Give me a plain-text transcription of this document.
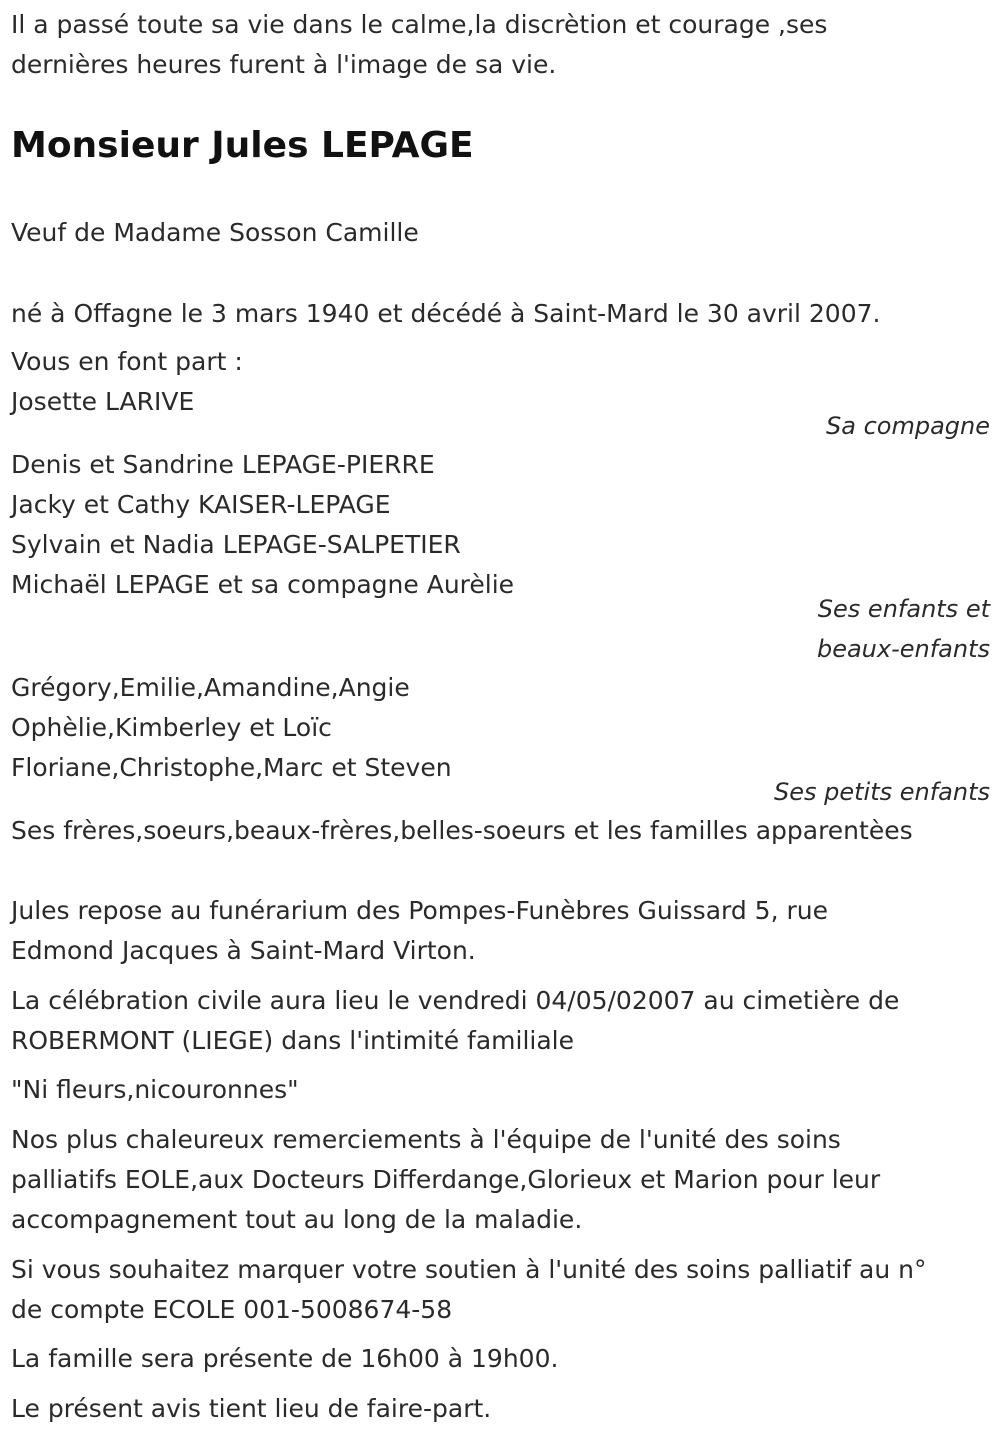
Il a passé toute sa vie dans le calme,la discrètion et courage ,ses
dernières heures furent à l'image de sa vie.
Monsieur Jules LEPAGE
Veuf de Madame Sosson Camille
né à Offagne le 3 mars 1940 et décédé à Saint-Mard le 30 avril 2007.
Vous en font part :
Josette LARIVE
Sa compagne
Denis et Sandrine LEPAGE-PIERRE
Jacky et Cathy KAISER-LEPAGE
Sylvain et Nadia LEPAGE-SALPETIER
Michaël LEPAGE et sa compagne Aurèlie
Ses enfants et
beaux-enfants
Grégory,Emilie,Amandine,Angie
Ophèlie,Kimberley et Loïc
Floriane,Christophe,Marc et Steven
Ses petits enfants
Ses frères,soeurs,beaux-frères,belles-soeurs et les familles apparentèes
Jules repose au funérarium des Pompes-Funèbres Guissard 5, rue
Edmond Jacques à Saint-Mard Virton.
La célébration civile aura lieu le vendredi 04/05/02007 au cimetière de
ROBERMONT (LIEGE) dans l'intimité familiale
"Ni fleurs,nicouronnes"
Nos plus chaleureux remerciements à l'équipe de l'unité des soins
palliatifs EOLE,aux Docteurs Differdange,Glorieux et Marion pour leur
accompagnement tout au long de la maladie.
Si vous souhaitez marquer votre soutien à l'unité des soins palliatif au n°
de compte ECOLE 001-5008674-58
La famille sera présente de 16h00 à 19h00.
Le présent avis tient lieu de faire-part.
